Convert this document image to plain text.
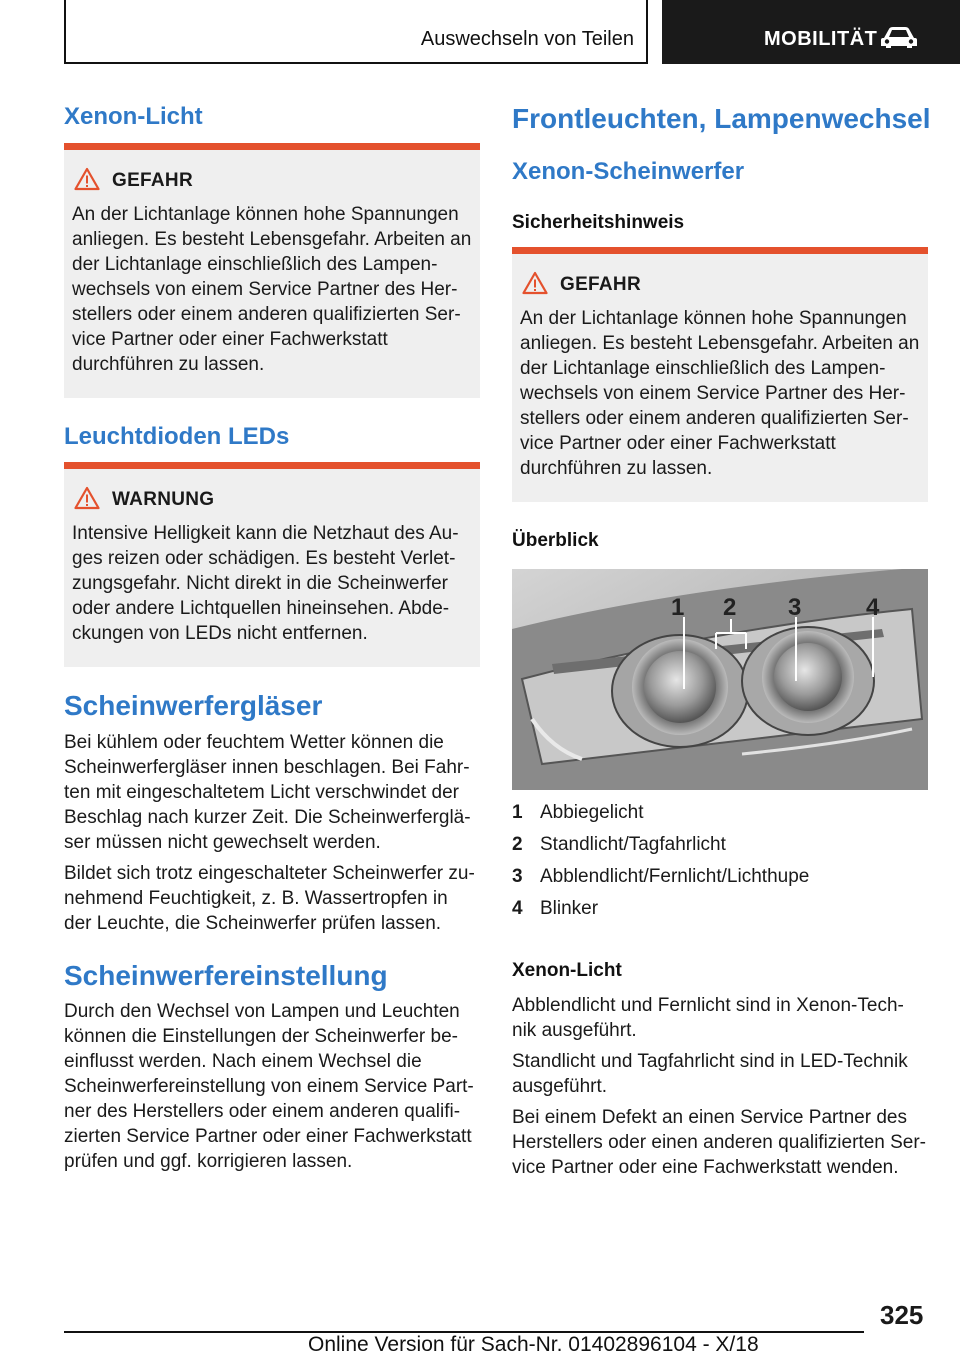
Auswechseln von Teilen	MOBILITÄT
Xenon-Licht
GEFAHR
An der Lichtanlage können hohe Spannungen
anliegen. Es besteht Lebensgefahr. Arbeiten an
der Lichtanlage einschließlich des Lampen-
wechsels von einem Service Partner des Her-
stellers oder einem anderen qualifizierten Ser-
vice Partner oder einer Fachwerkstatt
durchführen zu lassen.
Leuchtdioden LEDs
WARNUNG
Intensive Helligkeit kann die Netzhaut des Au-
ges reizen oder schädigen. Es besteht Verlet-
zungsgefahr. Nicht direkt in die Scheinwerfer
oder andere Lichtquellen hineinsehen. Abde-
ckungen von LEDs nicht entfernen.
Scheinwerfergläser
Bei kühlem oder feuchtem Wetter können die
Scheinwerfergläser innen beschlagen. Bei Fahr-
ten mit eingeschaltetem Licht verschwindet der
Beschlag nach kurzer Zeit. Die Scheinwerferglä-
ser müssen nicht gewechselt werden.
Bildet sich trotz eingeschalteter Scheinwerfer zu-
nehmend Feuchtigkeit, z. B. Wassertropfen in
der Leuchte, die Scheinwerfer prüfen lassen.
Scheinwerfereinstellung
Durch den Wechsel von Lampen und Leuchten
können die Einstellungen der Scheinwerfer be-
einflusst werden. Nach einem Wechsel die
Scheinwerfereinstellung von einem Service Part-
ner des Herstellers oder einem anderen qualifi-
zierten Service Partner oder einer Fachwerkstatt
prüfen und ggf. korrigieren lassen.
Frontleuchten, Lampenwechsel
Xenon-Scheinwerfer
Sicherheitshinweis
GEFAHR
An der Lichtanlage können hohe Spannungen
anliegen. Es besteht Lebensgefahr. Arbeiten an
der Lichtanlage einschließlich des Lampen-
wechsels von einem Service Partner des Her-
stellers oder einem anderen qualifizierten Ser-
vice Partner oder einer Fachwerkstatt
durchführen zu lassen.
Überblick
1 2 3	4
1 Abbiegelicht
2 Standlicht/Tagfahrlicht
3 Abblendlicht/Fernlicht/Lichthupe
4 Blinker
Xenon-Licht
Abblendlicht und Fernlicht sind in Xenon-Tech-
nik ausgeführt.
Standlicht und Tagfahrlicht sind in LED-Technik
ausgeführt.
Bei einem Defekt an einen Service Partner des
Herstellers oder einen anderen qualifizierten Ser-
vice Partner oder eine Fachwerkstatt wenden.
325
Online Version für Sach-Nr. 01402896104 - X/18
